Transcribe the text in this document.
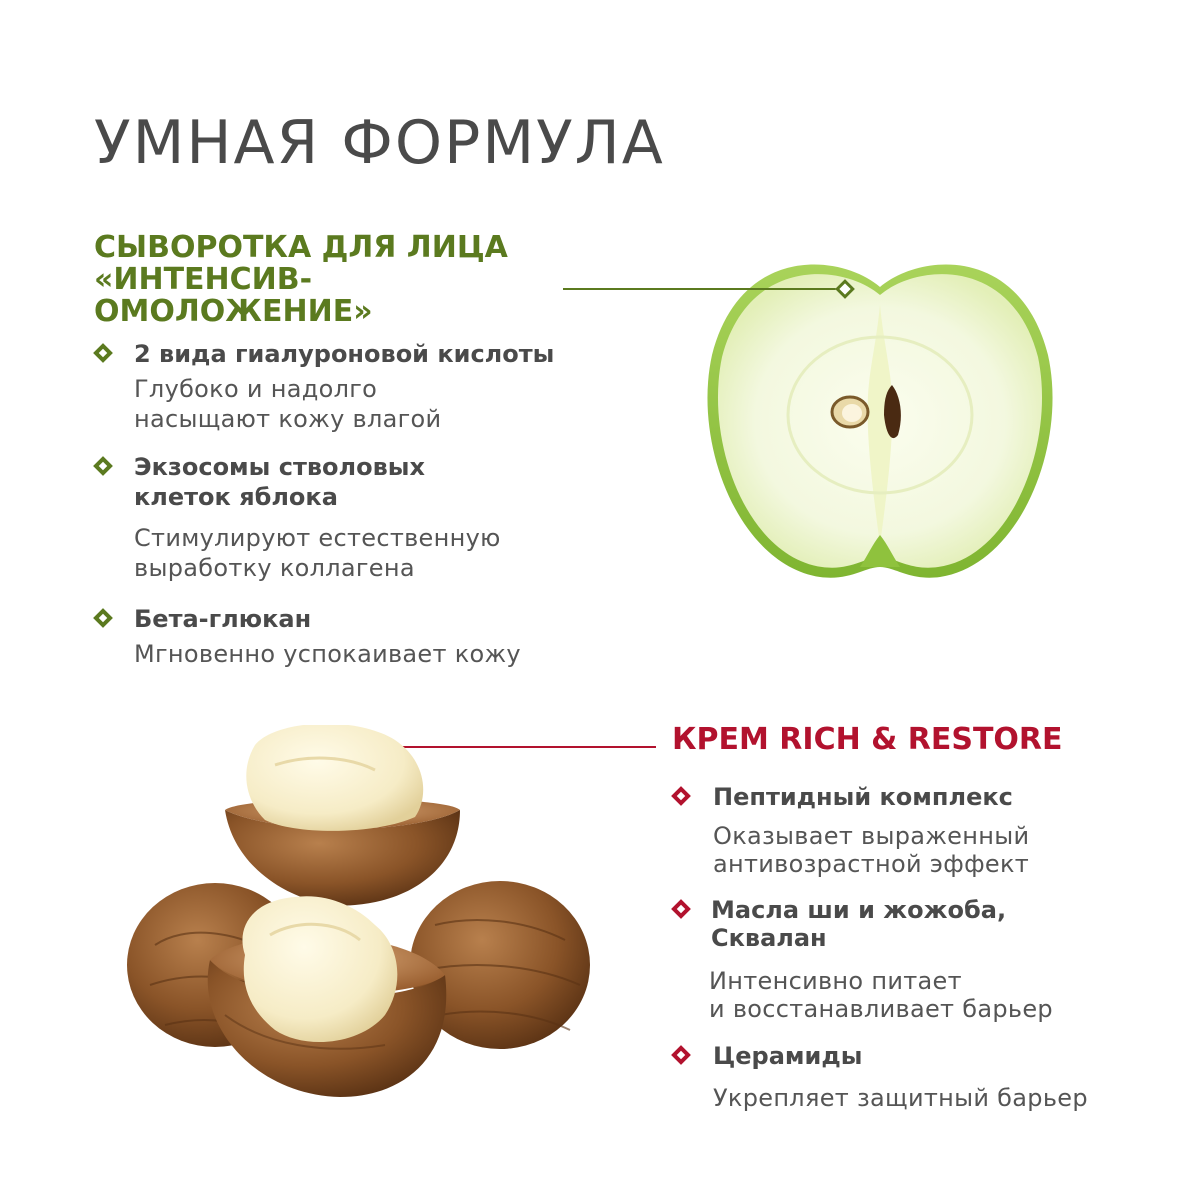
УМНАЯ ФОРМУЛА
СЫВОРОТКА ДЛЯ ЛИЦА
«ИНТЕНСИВ-ОМОЛОЖЕНИЕ»
2 вида гиалуроновой кислоты
Глубоко и надолго
насыщают кожу влагой
Экзосомы стволовых
клеток яблока
Стимулируют естественную
выработку коллагена
Бета-глюкан
Мгновенно успокаивает кожу
КРЕМ RICH & RESTORE
Пептидный комплекс
Оказывает выраженный
антивозрастной эффект
Масла ши и жожоба,
Сквалан
Интенсивно питает
и восстанавливает барьер
Церамиды
Укрепляет защитный барьер
